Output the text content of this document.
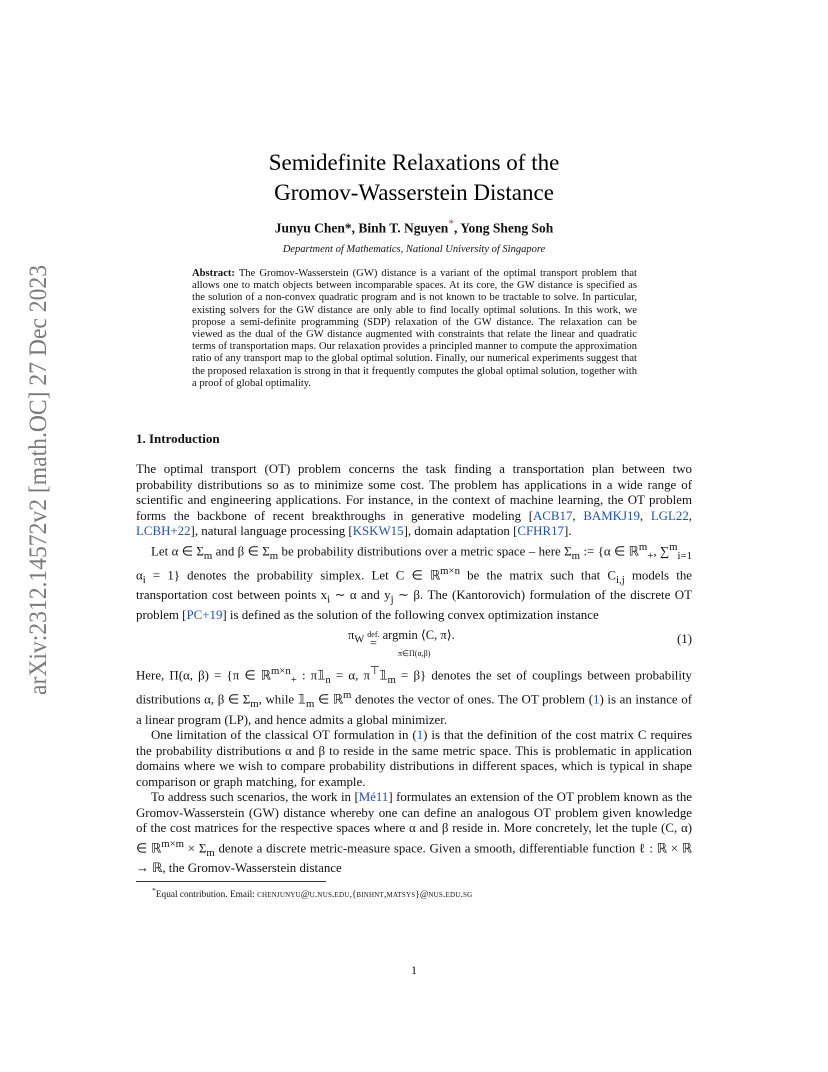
arXiv:2312.14572v2 [math.OC] 27 Dec 2023
Semidefinite Relaxations of the
Gromov-Wasserstein Distance
Junyu Chen*, Binh T. Nguyen*, Yong Sheng Soh
Department of Mathematics, National University of Singapore
Abstract: The Gromov-Wasserstein (GW) distance is a variant of the optimal transport problem that allows one to match objects between incomparable spaces. At its core, the GW distance is specified as the solution of a non-convex quadratic program and is not known to be tractable to solve. In particular, existing solvers for the GW distance are only able to find locally optimal solutions. In this work, we propose a semi-definite programming (SDP) relaxation of the GW distance. The relaxation can be viewed as the dual of the GW distance augmented with constraints that relate the linear and quadratic terms of transportation maps. Our relaxation provides a principled manner to compute the approximation ratio of any transport map to the global optimal solution. Finally, our numerical experiments suggest that the proposed relaxation is strong in that it frequently computes the global optimal solution, together with a proof of global optimality.
1. Introduction

The optimal transport (OT) problem concerns the task finding a transportation plan between two probability distributions so as to minimize some cost. The problem has applications in a wide range of scientific and engineering applications. For instance, in the context of machine learning, the OT problem forms the backbone of recent breakthroughs in generative modeling [ACB17, BAMKJ19, LGL22, LCBH+22], natural language processing [KSKW15], domain adaptation [CFHR17].

Let α ∈ $\Sigma_m$ and β ∈ $\Sigma_m$ be probability distributions over a metric space – here $\Sigma_m$ := {α ∈ ℝ$^m_+$, ∑$^m_{i=1}$ $\alpha_i = 1$} denotes the probability simplex. Let C ∈ ℝ$^{m\times n}$ be the matrix such that $C_{i,j}$ models the transportation cost between points $x_i$ ∼ α and $y_j$ ∼ β. The (Kantorovich) formulation of the discrete OT problem [PC+19] is defined as the solution of the following convex optimization instance

$\pi_W$ def.
= argmin ⟨C, π⟩.
π∈Π(α,β)
(1)

Here, Π(α, β) = {π ∈ ℝ$^{m\times n}_+$ : $\pi 𝟙_n = \alpha$, $\pi^⊤𝟙_m = \beta$} denotes the set of couplings between probability distributions α, β ∈ $\Sigma_m$, while $𝟙_m$ ∈ ℝ$^m$ denotes the vector of ones. The OT problem (1) is an instance of a linear program (LP), and hence admits a global minimizer.

One limitation of the classical OT formulation in (1) is that the definition of the cost matrix C requires the probability distributions α and β to reside in the same metric space. This is problematic in application domains where we wish to compare probability distributions in different spaces, which is typical in shape comparison or graph matching, for example.

To address such scenarios, the work in [Mé11] formulates an extension of the OT problem known as the Gromov-Wasserstein (GW) distance whereby one can define an analogous OT problem given knowledge of the cost matrices for the respective spaces where α and β reside in. More concretely, let the tuple (C, α) ∈ ℝ$^{m\times m}$ × $\Sigma_m$ denote a discrete metric-measure space. Given a smooth, differentiable function ℓ : ℝ × ℝ → ℝ, the Gromov-Wasserstein distance

*Equal contribution. Email: chenjunyu@u.nus.edu,{binhnt,matsys}@nus.edu.sg
1
